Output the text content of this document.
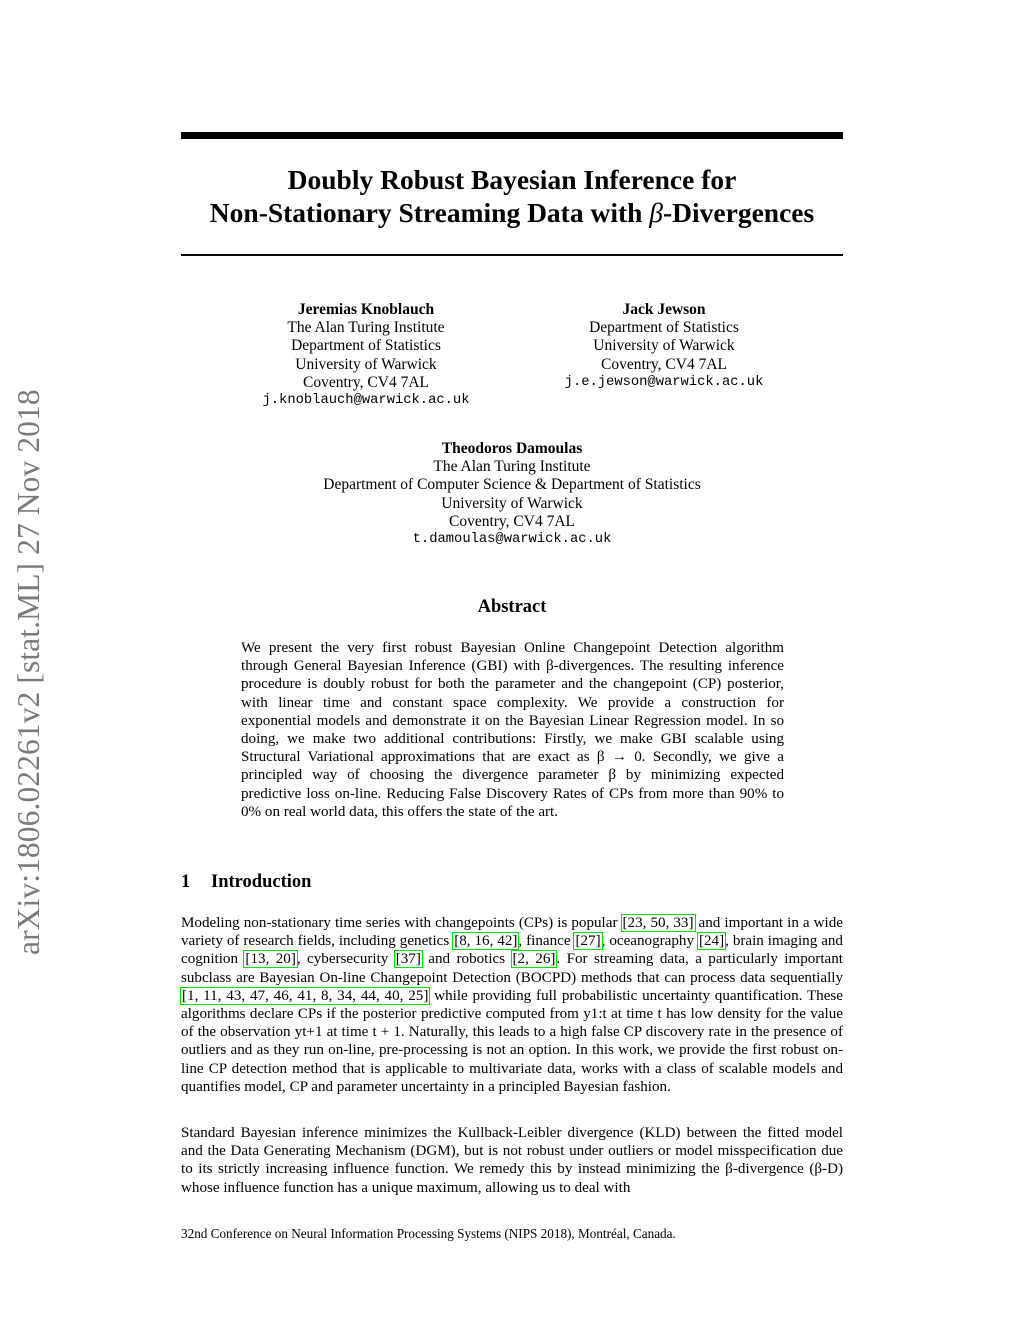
arXiv:1806.02261v2 [stat.ML] 27 Nov 2018
Doubly Robust Bayesian Inference for
Non-Stationary Streaming Data with β-Divergences
Jeremias Knoblauch
The Alan Turing Institute
Department of Statistics
University of Warwick
Coventry, CV4 7AL
j.knoblauch@warwick.ac.uk
Jack Jewson
Department of Statistics
University of Warwick
Coventry, CV4 7AL
j.e.jewson@warwick.ac.uk
Theodoros Damoulas
The Alan Turing Institute
Department of Computer Science & Department of Statistics
University of Warwick
Coventry, CV4 7AL
t.damoulas@warwick.ac.uk
Abstract
We present the very first robust Bayesian Online Changepoint Detection algorithm through General Bayesian Inference (GBI) with β-divergences. The resulting inference procedure is doubly robust for both the parameter and the changepoint (CP) posterior, with linear time and constant space complexity. We provide a construction for exponential models and demonstrate it on the Bayesian Linear Regression model. In so doing, we make two additional contributions: Firstly, we make GBI scalable using Structural Variational approximations that are exact as β → 0. Secondly, we give a principled way of choosing the divergence parameter β by minimizing expected predictive loss on-line. Reducing False Discovery Rates of CPs from more than 90% to 0% on real world data, this offers the state of the art.
1 Introduction
Modeling non-stationary time series with changepoints (CPs) is popular [23, 50, 33] and important in a wide variety of research fields, including genetics [8, 16, 42], finance [27], oceanography [24], brain imaging and cognition [13, 20], cybersecurity [37] and robotics [2, 26]. For streaming data, a particularly important subclass are Bayesian On-line Changepoint Detection (BOCPD) methods that can process data sequentially [1, 11, 43, 47, 46, 41, 8, 34, 44, 40, 25] while providing full probabilistic uncertainty quantification. These algorithms declare CPs if the posterior predictive computed from y1:t at time t has low density for the value of the observation yt+1 at time t + 1. Naturally, this leads to a high false CP discovery rate in the presence of outliers and as they run on-line, pre-processing is not an option. In this work, we provide the first robust on-line CP detection method that is applicable to multivariate data, works with a class of scalable models and quantifies model, CP and parameter uncertainty in a principled Bayesian fashion.
Standard Bayesian inference minimizes the Kullback-Leibler divergence (KLD) between the fitted model and the Data Generating Mechanism (DGM), but is not robust under outliers or model misspecification due to its strictly increasing influence function. We remedy this by instead minimizing the β-divergence (β-D) whose influence function has a unique maximum, allowing us to deal with
32nd Conference on Neural Information Processing Systems (NIPS 2018), Montréal, Canada.
